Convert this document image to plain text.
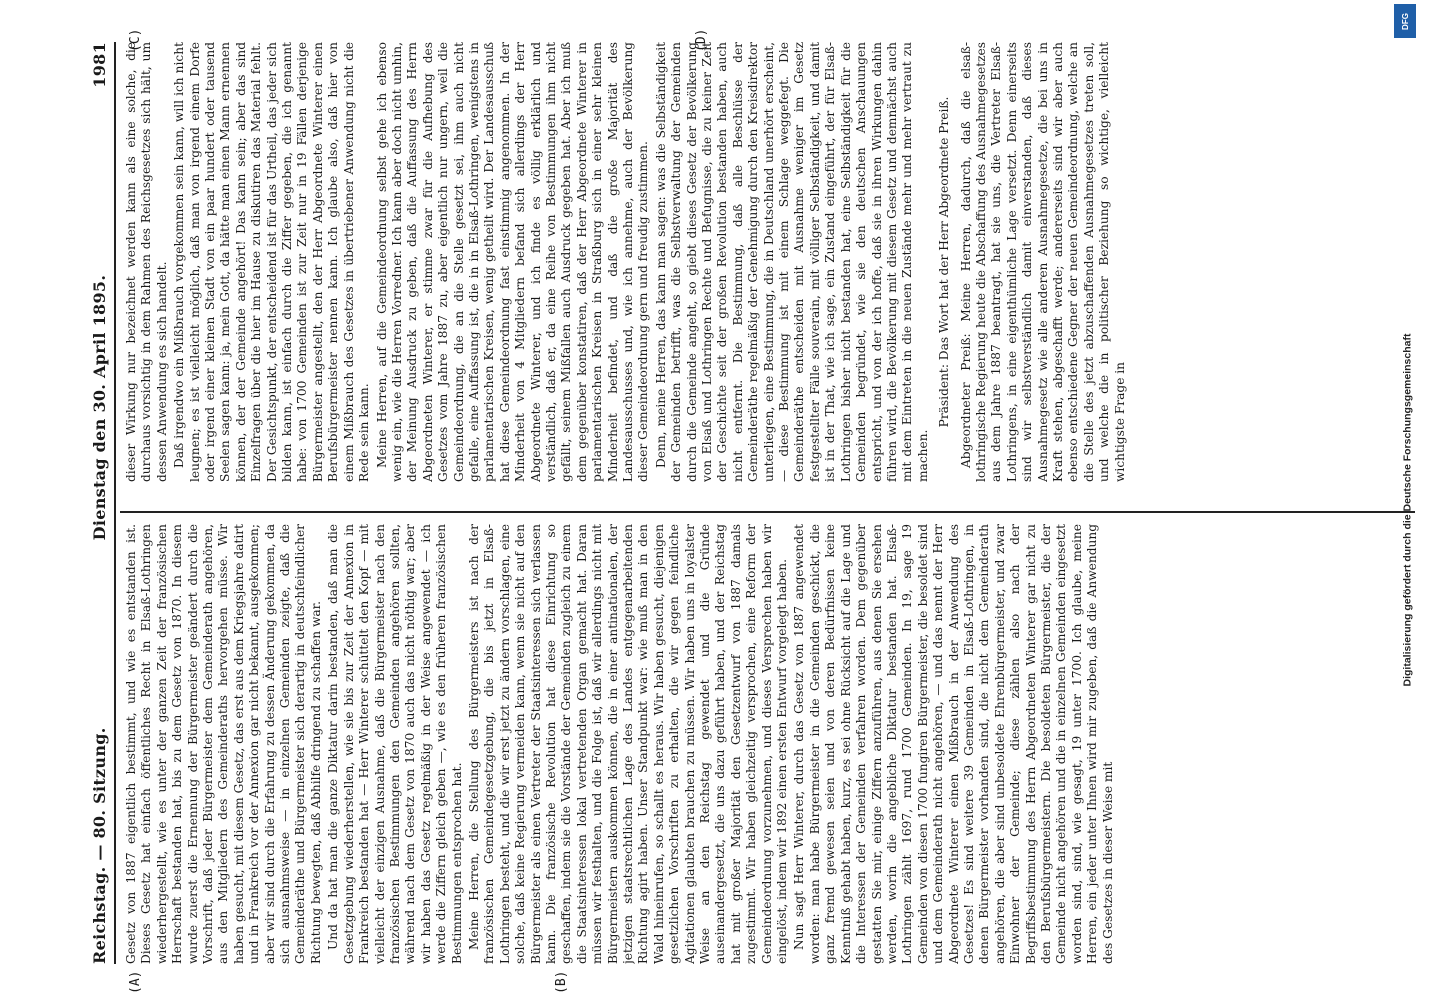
Reichstag. — 80. Sitzung.
Dienstag den 30. April 1895.
1981
(A)	(B)
(C)	(D)

Gesetz von 1887 eigentlich bestimmt, und wie es entstanden ist. Dieses Gesetz hat einfach öffentliches Recht in Elsaß-Lothringen wiederhergestellt, wie es unter der ganzen Zeit der französischen Herrschaft bestanden hat, bis zu dem Gesetz von 1870. In diesem wurde zuerst die Ernennung der Bürgermeister geändert durch die Vorschrift, daß jeder Bürgermeister dem Gemeinderath angehören, aus den Mitgliedern des Gemeinderaths hervorgehen müsse. Wir haben gesucht, mit diesem Gesetz, das erst aus dem Kriegsjahre datirt und in Frankreich vor der Annexion gar nicht bekannt, ausgekommen; aber wir sind durch die Erfahrung zu dessen Änderung gekommen, da sich ausnahmsweise — in einzelnen Gemeinden zeigte, daß die Gemeinderäthe und Bürgermeister sich derartig in deutschfeindlicher Richtung bewegten, daß Abhilfe dringend zu schaffen war. Und da hat man die ganze Diktatur darin bestanden, daß man die Gesetzgebung wiederherstellen, wie sie bis zur Zeit der Annexion in Frankreich bestanden hat — Herr Winterer schüttelt den Kopf — mit vielleicht der einzigen Ausnahme, daß die Bürgermeister nach den französischen Bestimmungen den Gemeinden angehören sollten, während nach dem Gesetz von 1870 auch das nicht nöthig war; aber wir haben das Gesetz regelmäßig in der Weise angewendet — ich werde die Ziffern gleich geben —, wie es den früheren französischen Bestimmungen entsprochen hat. Meine Herren, die Stellung des Bürgermeisters ist nach der französischen Gemeindegesetzgebung, die bis jetzt in Elsaß-Lothringen besteht, und die wir erst jetzt zu ändern vorschlagen, eine solche, daß keine Regierung vermeiden kann, wenn sie nicht auf den Bürgermeister als einen Vertreter der Staatsinteressen sich verlassen kann. Die französische Revolution hat diese Einrichtung so geschaffen, indem sie die Vorstände der Gemeinden zugleich zu einem die Staatsinteressen lokal vertretenden Organ gemacht hat. Daran müssen wir festhalten, und die Folge ist, daß wir allerdings nicht mit Bürgermeistern auskommen können, die in einer antinationalen, der jetzigen staatsrechtlichen Lage des Landes entgegenarbeitenden Richtung agirt haben. Unser Standpunkt war: wie muß man in den Wald hineinrufen, so schallt es heraus. Wir haben gesucht, diejenigen gesetzlichen Vorschriften zu erhalten, die wir gegen feindliche Agitationen glaubten brauchen zu müssen. Wir haben uns in loyalster Weise an den Reichstag gewendet und die Gründe auseinandergesetzt, die uns dazu geführt haben, und der Reichstag hat mit großer Majorität den Gesetzentwurf von 1887 damals zugestimmt. Wir haben gleichzeitig versprochen, eine Reform der Gemeindeordnung vorzunehmen, und dieses Versprechen haben wir eingelöst, indem wir 1892 einen ersten Entwurf vorgelegt haben. Nun sagt Herr Winterer, durch das Gesetz von 1887 angewendet worden: man habe Bürgermeister in die Gemeinden geschickt, die ganz fremd gewesen seien und von deren Bedürfnissen keine Kenntniß gehabt haben, kurz, es sei ohne Rücksicht auf die Lage und die Interessen der Gemeinden verfahren worden. Dem gegenüber gestatten Sie mir, einige Ziffern anzuführen, aus denen Sie ersehen werden, worin die angebliche Diktatur bestanden hat. Elsaß-Lothringen zählt 1697, rund 1700 Gemeinden. In 19, sage 19 Gemeinden von diesen 1700 fungiren Bürgermeister, die besoldet sind und dem Gemeinderath nicht angehören, — und das nennt der Herr Abgeordnete Winterer einen Mißbrauch in der Anwendung des Gesetzes! Es sind weitere 39 Gemeinden in Elsaß-Lothringen, in denen Bürgermeister vorhanden sind, die nicht dem Gemeinderath angehören, die aber sind unbesoldete Ehrenbürgermeister, und zwar Einwohner der Gemeinde; diese zählen also nach der Begriffsbestimmung des Herrn Abgeordneten Winterer gar nicht zu den Berufsbürgermeistern. Die besoldeten Bürgermeister, die der Gemeinde nicht angehören und die in einzelnen Gemeinden eingesetzt worden sind, sind, wie gesagt, 19 unter 1700. Ich glaube, meine Herren, ein jeder unter Ihnen wird mir zugeben, daß die Anwendung des Gesetzes in dieser Weise mit

dieser Wirkung nur bezeichnet werden kann als eine solche, die durchaus vorsichtig in dem Rahmen des Reichsgesetzes sich hält, um dessen Anwendung es sich handelt. Daß irgendwo ein Mißbrauch vorgekommen sein kann, will ich nicht leugnen; es ist vielleicht möglich, daß man von irgend einem Dorfe oder irgend einer kleinen Stadt von ein paar hundert oder tausend Seelen sagen kann: ja, mein Gott, da hätte man einen Mann ernennen können, der der Gemeinde angehört! Das kann sein; aber das sind Einzelfragen über die hier im Hause zu diskutiren das Material fehlt. Der Gesichtspunkt, der entscheidend ist für das Urtheil, das jeder sich bilden kann, ist einfach durch die Ziffer gegeben, die ich genannt habe: von 1700 Gemeinden ist zur Zeit nur in 19 Fällen derjenige Bürgermeister angestellt, den der Herr Abgeordnete Winterer einen Berufsbürgermeister nennen kann. Ich glaube also, daß hier von einem Mißbrauch des Gesetzes in übertriebener Anwendung nicht die Rede sein kann. Meine Herren, auf die Gemeindeordnung selbst gehe ich ebenso wenig ein, wie die Herren Vorredner. Ich kann aber doch nicht umhin, der Meinung Ausdruck zu geben, daß die Auffassung des Herrn Abgeordneten Winterer, er stimme zwar für die Aufhebung des Gesetzes vom Jahre 1887 zu, aber eigentlich nur ungern, weil die Gemeindeordnung, die an die Stelle gesetzt sei, ihm auch nicht gefalle, eine Auffassung ist, die in in Elsaß-Lothringen, wenigstens in parlamentarischen Kreisen, wenig getheilt wird. Der Landesausschuß hat diese Gemeindeordnung fast einstimmig angenommen. In der Minderheit von 4 Mitgliedern befand sich allerdings der Herr Abgeordnete Winterer, und ich finde es völlig erklärlich und verständlich, daß er, da eine Reihe von Bestimmungen ihm nicht gefällt, seinem Mißfallen auch Ausdruck gegeben hat. Aber ich muß dem gegenüber konstatiren, daß der Herr Abgeordnete Winterer in parlamentarischen Kreisen in Straßburg sich in einer sehr kleinen Minderheit befindet, und daß die große Majorität des Landesausschusses und, wie ich annehme, auch der Bevölkerung dieser Gemeindeordnung gern und freudig zustimmen. Denn, meine Herren, das kann man sagen: was die Selbständigkeit der Gemeinden betrifft, was die Selbstverwaltung der Gemeinden durch die Gemeinde angeht, so giebt dieses Gesetz der Bevölkerung von Elsaß und Lothringen Rechte und Befugnisse, die zu keiner Zeit der Geschichte seit der großen Revolution bestanden haben, auch nicht entfernt. Die Bestimmung, daß alle Beschlüsse der Gemeinderäthe regelmäßig der Genehmigung durch den Kreisdirektor unterliegen, eine Bestimmung, die in Deutschland unerhört erscheint, — diese Bestimmung ist mit einem Schlage weggefegt. Die Gemeinderäthe entscheiden mit Ausnahme weniger im Gesetz festgestellter Fälle souverain, mit völliger Selbständigkeit, und damit ist in der That, wie ich sage, ein Zustand eingeführt, der für Elsaß-Lothringen bisher nicht bestanden hat, eine Selbständigkeit für die Gemeinden begründet, wie sie den deutschen Anschauungen entspricht, und von der ich hoffe, daß sie in ihren Wirkungen dahin führen wird, die Bevölkerung mit diesem Gesetz und demnächst auch mit dem Eintreten in die neuen Zustände mehr und mehr vertraut zu machen.

Präsident: Das Wort hat der Herr Abgeordnete Preiß. Abgeordneter Preiß: Meine Herren, dadurch, daß die elsaß-lothringische Regierung heute die Abschaffung des Ausnahmegesetzes aus dem Jahre 1887 beantragt, hat sie uns, die Vertreter Elsaß-Lothringens, in eine eigenthümliche Lage versetzt. Denn einerseits sind wir selbstverständlich damit einverstanden, daß dieses Ausnahmegesetz wie alle anderen Ausnahmegesetze, die bei uns in Kraft stehen, abgeschafft werde; andererseits sind wir aber auch ebenso entschiedene Gegner der neuen Gemeindeordnung, welche an die Stelle des jetzt abzuschaffenden Ausnahmegesetzes treten soll, und welche die in politischer Beziehung so wichtige, vielleicht wichtigste Frage in

DFG
Digitalisierung gefördert durch die Deutsche Forschungsgemeinschaft
